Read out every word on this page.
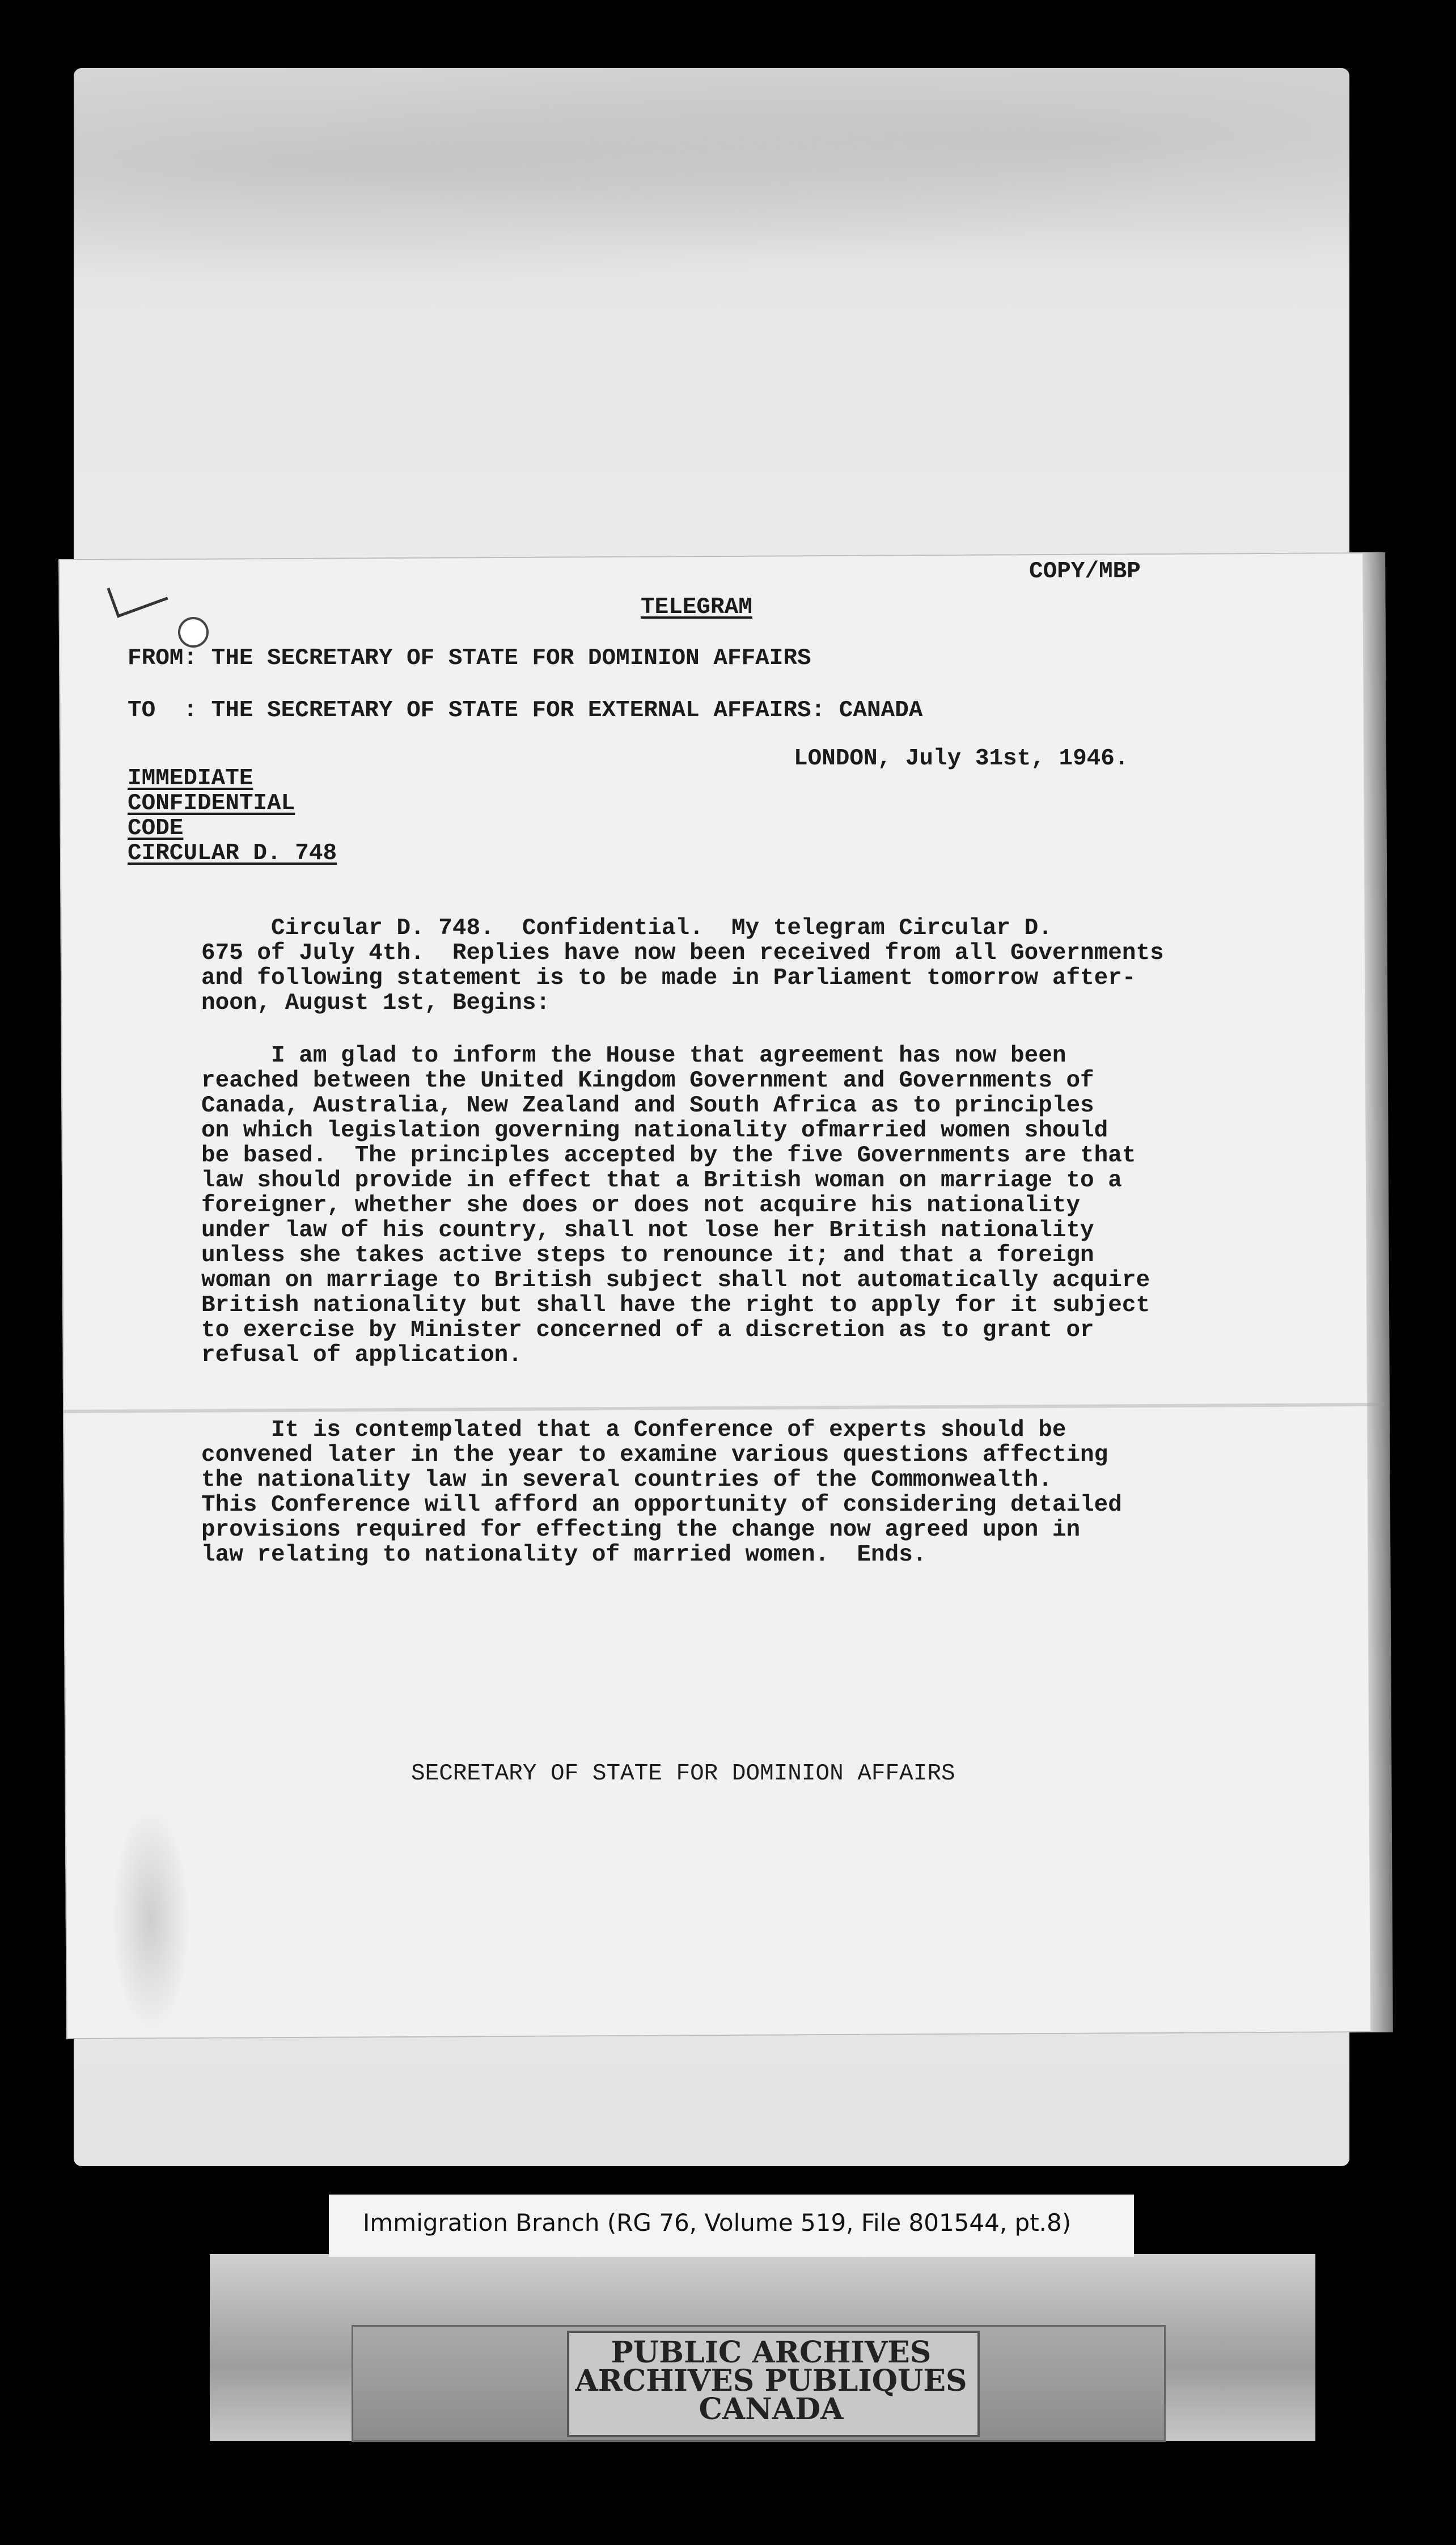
COPY/MBP
TELEGRAM
FROM: THE SECRETARY OF STATE FOR DOMINION AFFAIRS
TO  : THE SECRETARY OF STATE FOR EXTERNAL AFFAIRS: CANADA
LONDON, July 31st, 1946.
IMMEDIATE
CONFIDENTIAL
CODE
CIRCULAR D. 748
Circular D. 748.  Confidential.  My telegram Circular D.
675 of July 4th.  Replies have now been received from all Governments
and following statement is to be made in Parliament tomorrow after-
noon, August 1st, Begins:
I am glad to inform the House that agreement has now been
reached between the United Kingdom Government and Governments of
Canada, Australia, New Zealand and South Africa as to principles
on which legislation governing nationality ofmarried women should
be based.  The principles accepted by the five Governments are that
law should provide in effect that a British woman on marriage to a
foreigner, whether she does or does not acquire his nationality
under law of his country, shall not lose her British nationality
unless she takes active steps to renounce it; and that a foreign
woman on marriage to British subject shall not automatically acquire
British nationality but shall have the right to apply for it subject
to exercise by Minister concerned of a discretion as to grant or
refusal of application.
It is contemplated that a Conference of experts should be
convened later in the year to examine various questions affecting
the nationality law in several countries of the Commonwealth.
This Conference will afford an opportunity of considering detailed
provisions required for effecting the change now agreed upon in
law relating to nationality of married women.  Ends.
SECRETARY OF STATE FOR DOMINION AFFAIRS
Immigration Branch (RG 76, Volume 519, File 801544, pt.8)
PUBLIC ARCHIVES
ARCHIVES PUBLIQUES
CANADA
